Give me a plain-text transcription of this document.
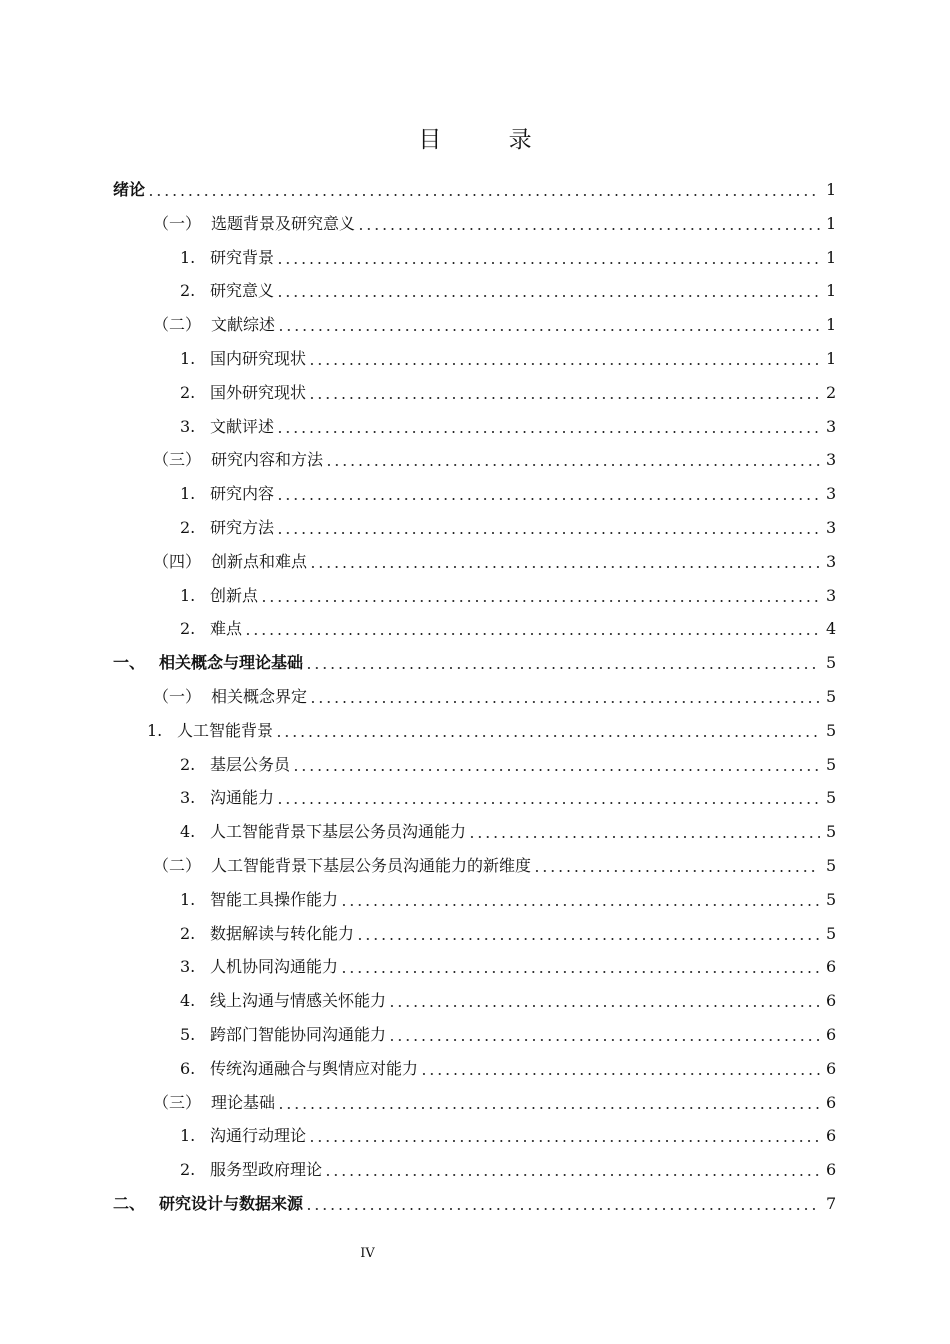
目 录
绪论	1
（一） 选题背景及研究意义	1
1. 研究背景	1
2. 研究意义	1
（二） 文献综述	1
1. 国内研究现状	1
2. 国外研究现状	2
3. 文献评述	3
（三） 研究内容和方法	3
1. 研究内容	3
2. 研究方法	3
（四） 创新点和难点	3
1. 创新点	3
2. 难点	4
一、 相关概念与理论基础	5
（一） 相关概念界定	5
1. 人工智能背景	5
2. 基层公务员	5
3. 沟通能力	5
4. 人工智能背景下基层公务员沟通能力	5
（二） 人工智能背景下基层公务员沟通能力的新维度	5
1. 智能工具操作能力	5
2. 数据解读与转化能力	5
3. 人机协同沟通能力	6
4. 线上沟通与情感关怀能力	6
5. 跨部门智能协同沟通能力	6
6. 传统沟通融合与舆情应对能力	6
（三） 理论基础	6
1. 沟通行动理论	6
2. 服务型政府理论	6
二、 研究设计与数据来源	7
IV
